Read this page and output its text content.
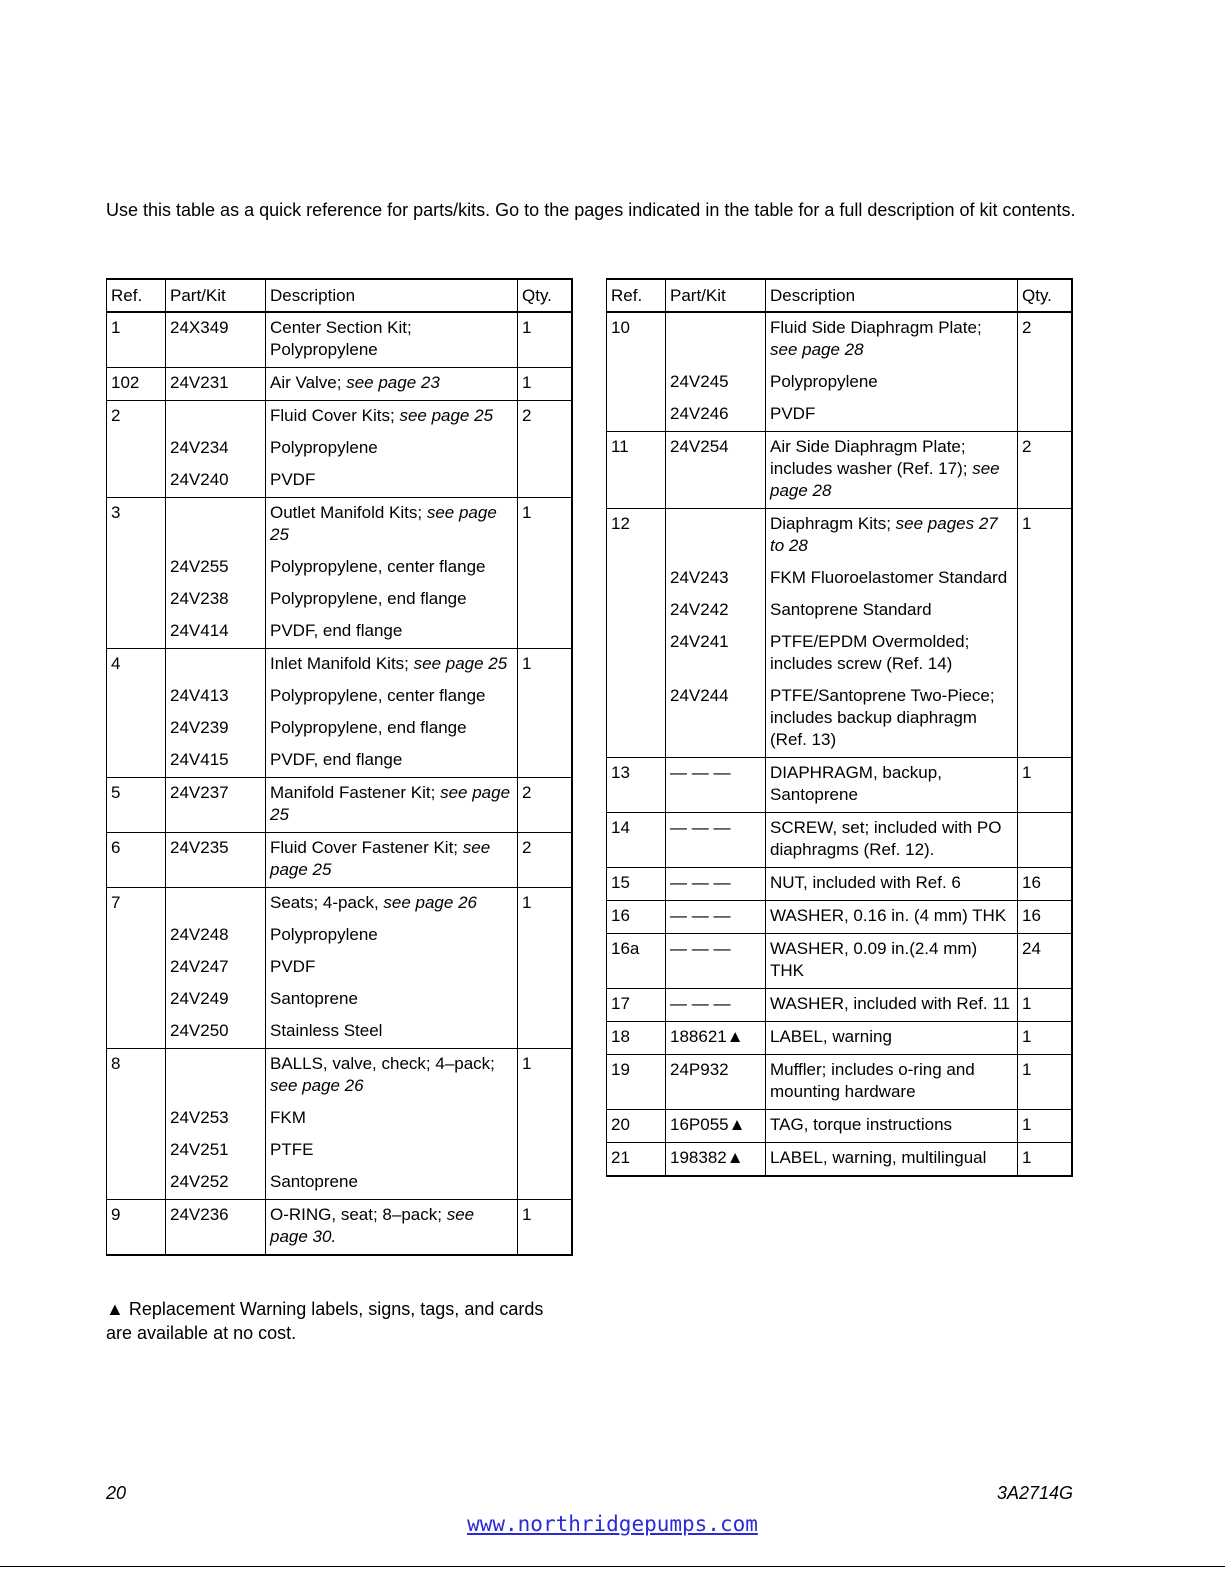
Use this table as a quick reference for parts/kits. Go to the pages indicated in the table for a full description of kit contents.
Ref.	Part/Kit	Description	Qty.
1	24X349	Center Section Kit; Polypropylene	1
102	24V231	Air Valve; see page 23	1
2		Fluid Cover Kits; see page 25	2
	24V234	Polypropylene	
	24V240	PVDF	
3		Outlet Manifold Kits; see page 25	1
	24V255	Polypropylene, center flange	
	24V238	Polypropylene, end flange	
	24V414	PVDF, end flange	
4		Inlet Manifold Kits; see page 25	1
	24V413	Polypropylene, center flange	
	24V239	Polypropylene, end flange	
	24V415	PVDF, end flange	
5	24V237	Manifold Fastener Kit; see page 25	2
6	24V235	Fluid Cover Fastener Kit; see page 25	2
7		Seats; 4-pack, see page 26	1
	24V248	Polypropylene	
	24V247	PVDF	
	24V249	Santoprene	
	24V250	Stainless Steel	
8		BALLS, valve, check; 4–pack; see page 26	1
	24V253	FKM	
	24V251	PTFE	
	24V252	Santoprene	
9	24V236	O-RING, seat; 8–pack; see page 30.	1
Ref.	Part/Kit	Description	Qty.
10		Fluid Side Diaphragm Plate; see page 28	2
	24V245	Polypropylene	
	24V246	PVDF	
11	24V254	Air Side Diaphragm Plate; includes washer (Ref. 17); see page 28	2
12		Diaphragm Kits; see pages 27 to 28	1
	24V243	FKM Fluoroelastomer Standard	
	24V242	Santoprene Standard	
	24V241	PTFE/EPDM Overmolded; includes screw (Ref. 14)	
	24V244	PTFE/Santoprene Two-Piece; includes backup diaphragm (Ref. 13)	
13	— — —	DIAPHRAGM, backup, Santoprene	1
14	— — —	SCREW, set; included with PO diaphragms (Ref. 12).	
15	— — —	NUT, included with Ref. 6	16
16	— — —	WASHER, 0.16 in. (4 mm) THK	16
16a	— — —	WASHER, 0.09 in.(2.4 mm) THK	24
17	— — —	WASHER, included with Ref. 11	1
18	188621▲	LABEL, warning	1
19	24P932	Muffler; includes o-ring and mounting hardware	1
20	16P055▲	TAG, torque instructions	1
21	198382▲	LABEL, warning, multilingual	1
▲ Replacement Warning labels, signs, tags, and cards are available at no cost.
20	3A2714G
www.northridgepumps.com
